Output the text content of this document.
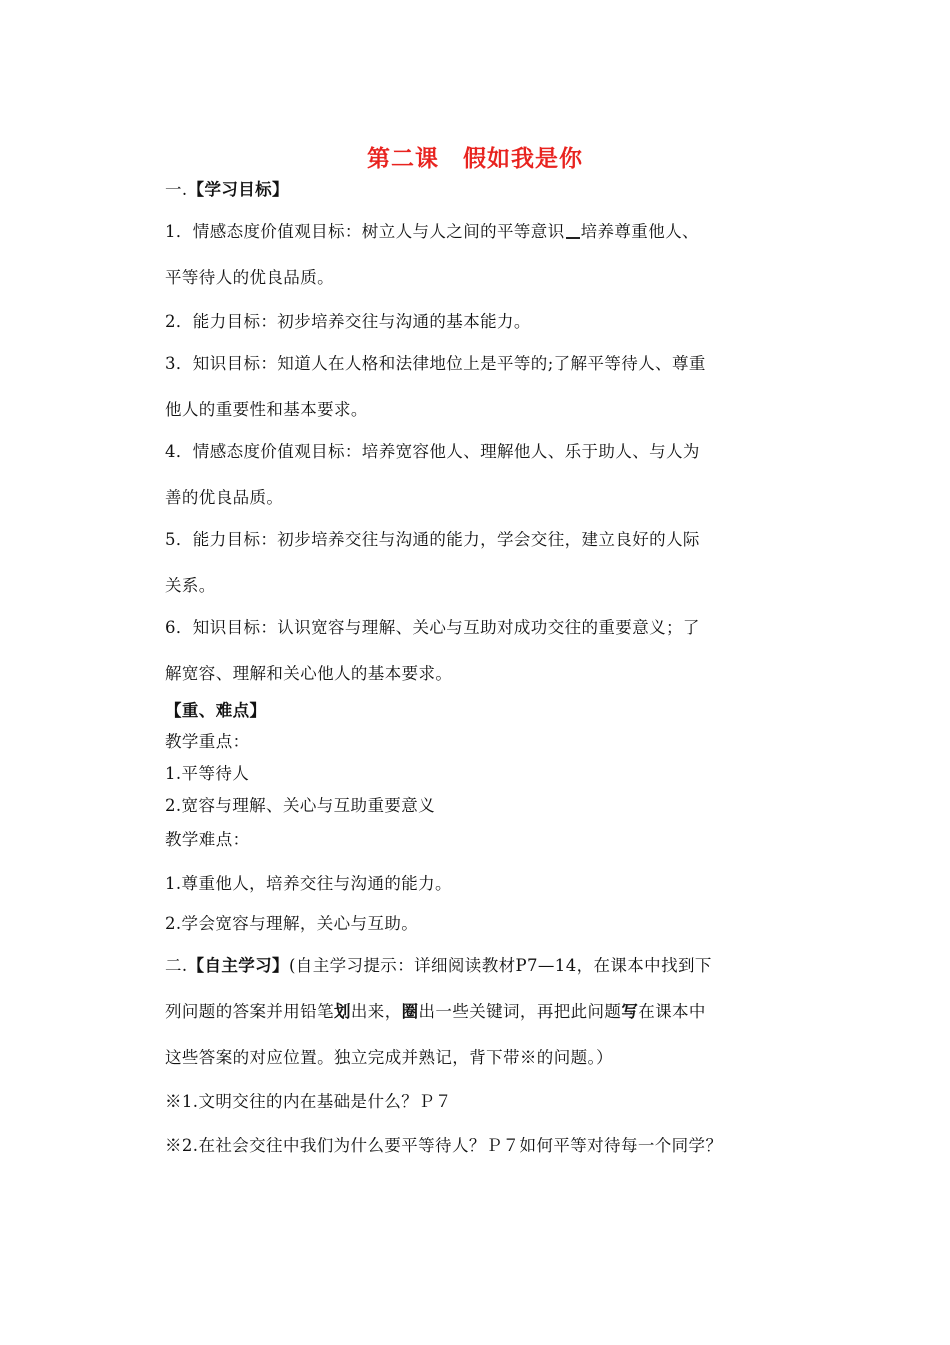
第二课　假如我是你
一.【学习目标】
1．情感态度价值观目标：树立人与人之间的平等意识 培养尊重他人、
平等待人的优良品质。
2．能力目标：初步培养交往与沟通的基本能力。
3．知识目标：知道人在人格和法律地位上是平等的;了解平等待人、尊重
他人的重要性和基本要求。
4．情感态度价值观目标：培养宽容他人、理解他人、乐于助人、与人为
善的优良品质。
5．能力目标：初步培养交往与沟通的能力，学会交往，建立良好的人际
关系。
6．知识目标：认识宽容与理解、关心与互助对成功交往的重要意义；了
解宽容、理解和关心他人的基本要求。
【重、难点】
教学重点：
1.平等待人
2.宽容与理解、关心与互助重要意义
教学难点：
1.尊重他人，培养交往与沟通的能力。
2.学会宽容与理解，关心与互助。
二.【自主学习】(自主学习提示：详细阅读教材P7—14，在课本中找到下
列问题的答案并用铅笔划出来，圈出一些关键词，再把此问题写在课本中
这些答案的对应位置。独立完成并熟记，背下带※的问题。）
※1.文明交往的内在基础是什么？Ｐ７
※2.在社会交往中我们为什么要平等待人？Ｐ７如何平等对待每一个同学？
